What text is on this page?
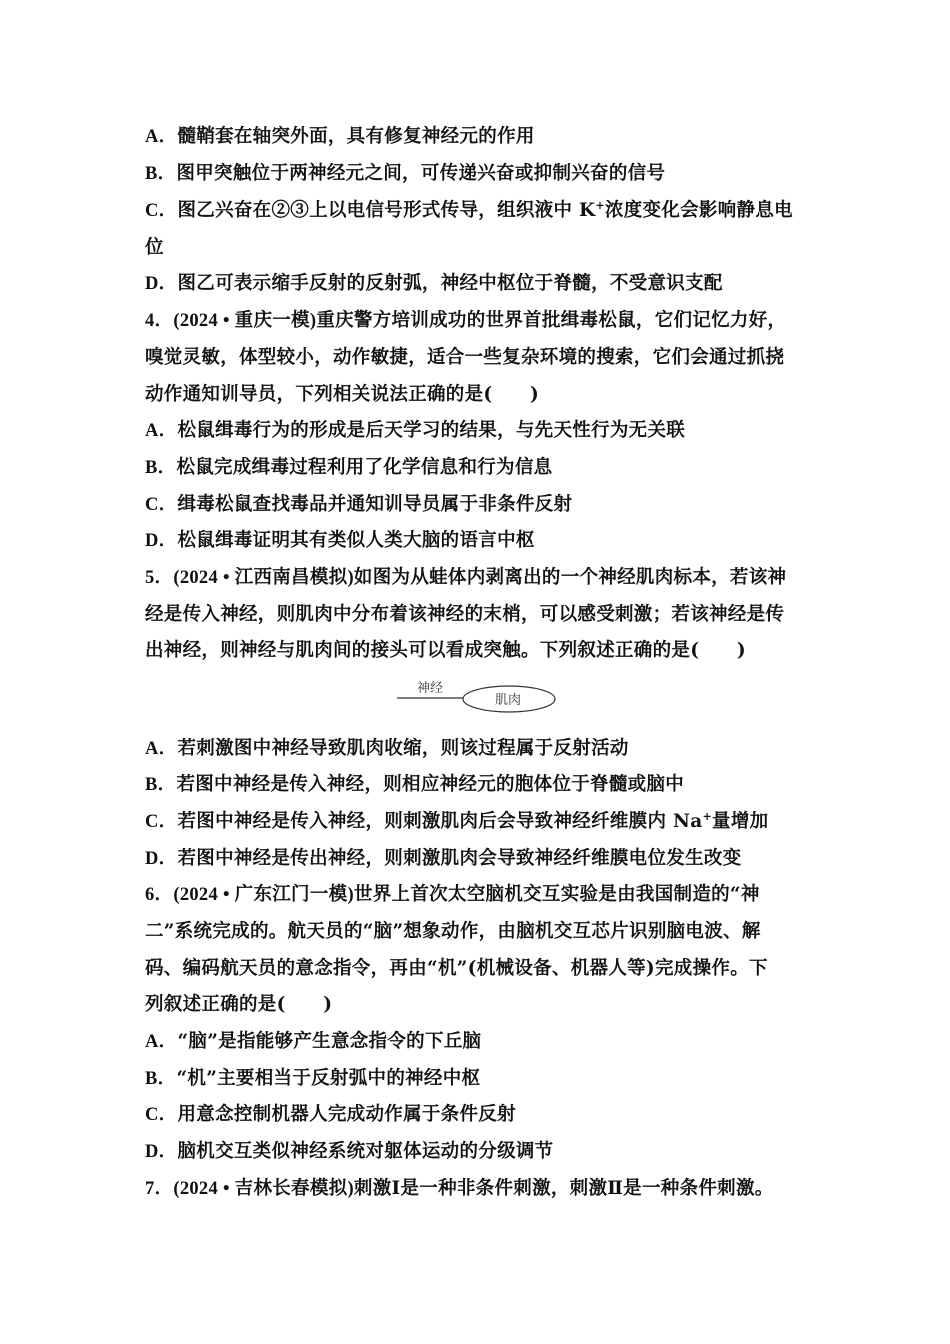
A．髓鞘套在轴突外面，具有修复神经元的作用
B．图甲突触位于两神经元之间，可传递兴奋或抑制兴奋的信号
C．图乙兴奋在②③上以电信号形式传导，组织液中 K+浓度变化会影响静息电
位
D．图乙可表示缩手反射的反射弧，神经中枢位于脊髓，不受意识支配
4．(2024 • 重庆一模)重庆警方培训成功的世界首批缉毒松鼠，它们记忆力好，
嗅觉灵敏，体型较小，动作敏捷，适合一些复杂环境的搜索，它们会通过抓挠
动作通知训导员，下列相关说法正确的是(　　)
A．松鼠缉毒行为的形成是后天学习的结果，与先天性行为无关联
B．松鼠完成缉毒过程利用了化学信息和行为信息
C．缉毒松鼠查找毒品并通知训导员属于非条件反射
D．松鼠缉毒证明其有类似人类大脑的语言中枢
5．(2024 • 江西南昌模拟)如图为从蛙体内剥离出的一个神经肌肉标本，若该神
经是传入神经，则肌肉中分布着该神经的末梢，可以感受刺激；若该神经是传
出神经，则神经与肌肉间的接头可以看成突触。下列叙述正确的是(　　)
神经
肌肉
A．若刺激图中神经导致肌肉收缩，则该过程属于反射活动
B．若图中神经是传入神经，则相应神经元的胞体位于脊髓或脑中
C．若图中神经是传入神经，则刺激肌肉后会导致神经纤维膜内 Na+量增加
D．若图中神经是传出神经，则刺激肌肉会导致神经纤维膜电位发生改变
6．(2024 • 广东江门一模)世界上首次太空脑机交互实验是由我国制造的“神
二”系统完成的。航天员的“脑”想象动作，由脑机交互芯片识别脑电波、解
码、编码航天员的意念指令，再由“机”(机械设备、机器人等)完成操作。下
列叙述正确的是(　　)
A．“脑”是指能够产生意念指令的下丘脑
B．“机”主要相当于反射弧中的神经中枢
C．用意念控制机器人完成动作属于条件反射
D．脑机交互类似神经系统对躯体运动的分级调节
7．(2024 • 吉林长春模拟)刺激Ⅰ是一种非条件刺激，刺激Ⅱ是一种条件刺激。
